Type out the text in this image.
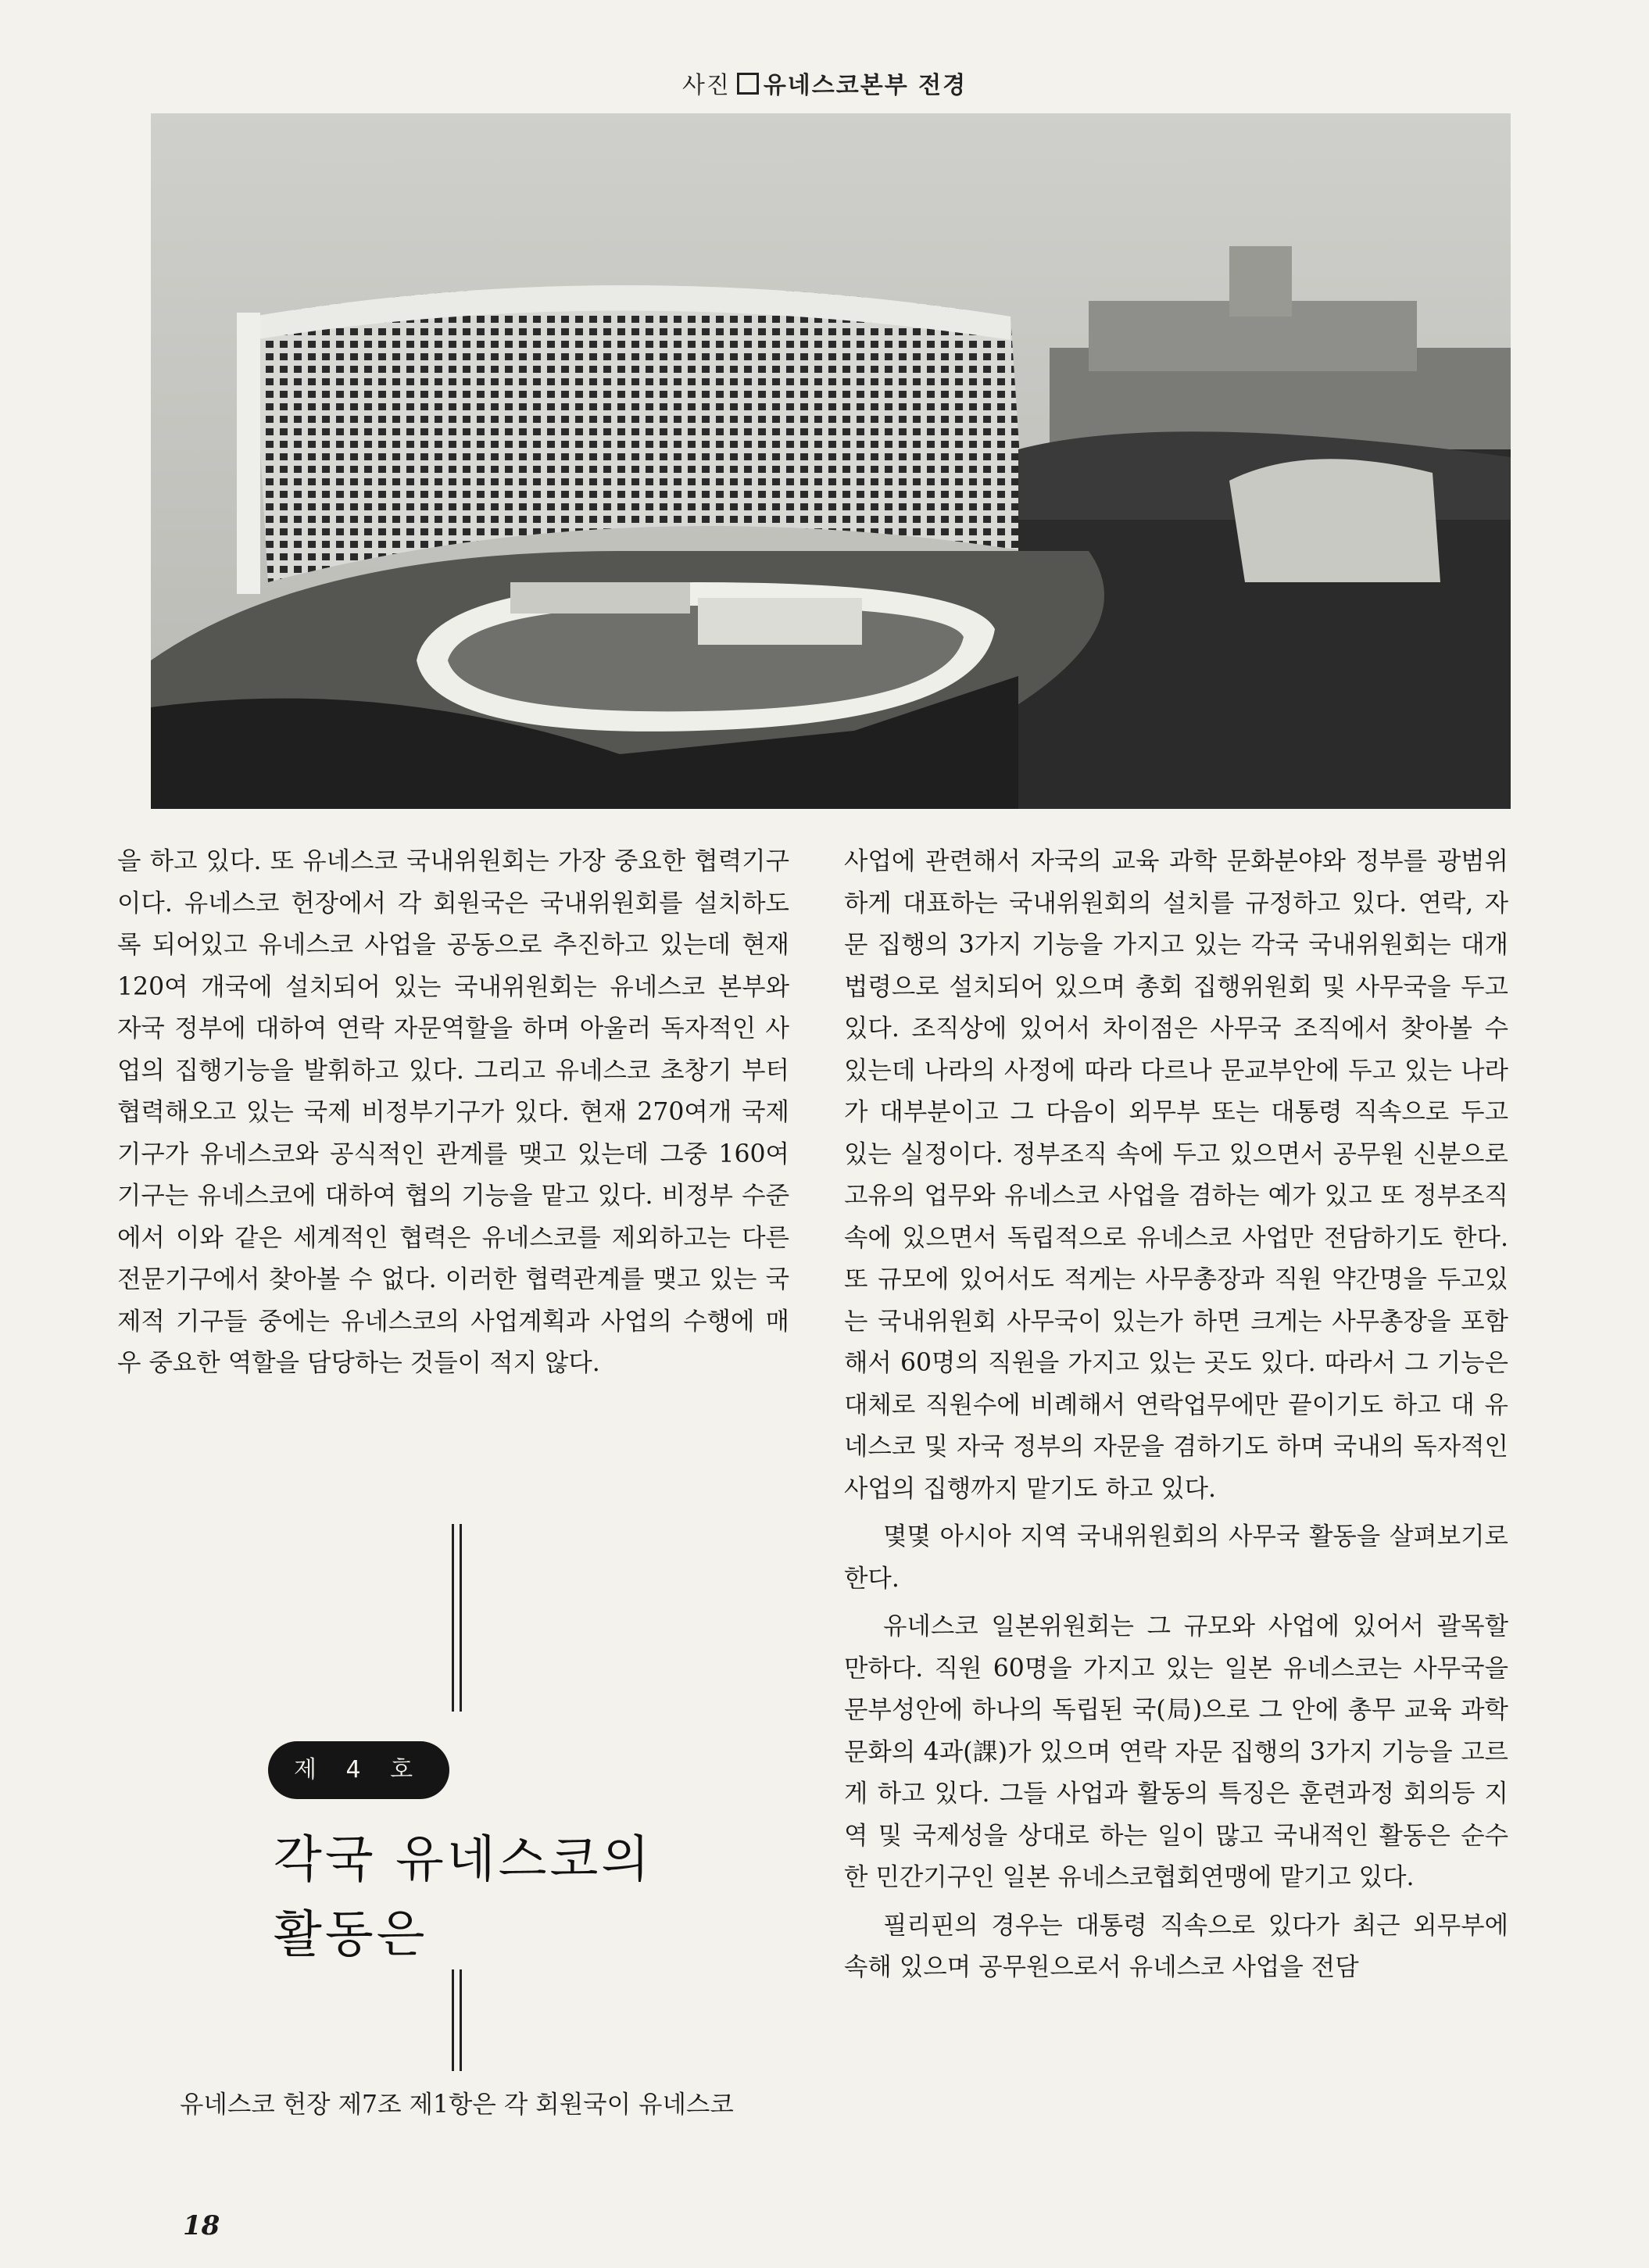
사진 유네스코본부 전경

을 하고 있다. 또 유네스코 국내위원회는 가장 중요한 협력기구이다. 유네스코 헌장에서 각 회원국은 국내위원회를 설치하도록 되어있고 유네스코 사업을 공동으로 추진하고 있는데 현재 120여 개국에 설치되어 있는 국내위원회는 유네스코 본부와 자국 정부에 대하여 연락 자문역할을 하며 아울러 독자적인 사업의 집행기능을 발휘하고 있다. 그리고 유네스코 초창기 부터 협력해오고 있는 국제 비정부기구가 있다. 현재 270여개 국제기구가 유네스코와 공식적인 관계를 맺고 있는데 그중 160여 기구는 유네스코에 대하여 협의 기능을 맡고 있다. 비정부 수준에서 이와 같은 세계적인 협력은 유네스코를 제외하고는 다른 전문기구에서 찾아볼 수 없다. 이러한 협력관계를 맺고 있는 국제적 기구들 중에는 유네스코의 사업계획과 사업의 수행에 매우 중요한 역할을 담당하는 것들이 적지 않다.

제 4 호
각국 유네스코의
활동은

유네스코 헌장 제7조 제1항은 각 회원국이 유네스코

사업에 관련해서 자국의 교육 과학 문화분야와 정부를 광범위하게 대표하는 국내위원회의 설치를 규정하고 있다. 연락, 자문 집행의 3가지 기능을 가지고 있는 각국 국내위원회는 대개 법령으로 설치되어 있으며 총회 집행위원회 및 사무국을 두고 있다. 조직상에 있어서 차이점은 사무국 조직에서 찾아볼 수 있는데 나라의 사정에 따라 다르나 문교부안에 두고 있는 나라가 대부분이고 그 다음이 외무부 또는 대통령 직속으로 두고 있는 실정이다. 정부조직 속에 두고 있으면서 공무원 신분으로 고유의 업무와 유네스코 사업을 겸하는 예가 있고 또 정부조직속에 있으면서 독립적으로 유네스코 사업만 전담하기도 한다. 또 규모에 있어서도 적게는 사무총장과 직원 약간명을 두고있는 국내위원회 사무국이 있는가 하면 크게는 사무총장을 포함해서 60명의 직원을 가지고 있는 곳도 있다. 따라서 그 기능은 대체로 직원수에 비례해서 연락업무에만 끝이기도 하고 대 유네스코 및 자국 정부의 자문을 겸하기도 하며 국내의 독자적인 사업의 집행까지 맡기도 하고 있다.

몇몇 아시아 지역 국내위원회의 사무국 활동을 살펴보기로 한다.

유네스코 일본위원회는 그 규모와 사업에 있어서 괄목할 만하다. 직원 60명을 가지고 있는 일본 유네스코는 사무국을 문부성안에 하나의 독립된 국(局)으로 그 안에 총무 교육 과학 문화의 4과(課)가 있으며 연락 자문 집행의 3가지 기능을 고르게 하고 있다. 그들 사업과 활동의 특징은 훈련과정 회의등 지역 및 국제성을 상대로 하는 일이 많고 국내적인 활동은 순수한 민간기구인 일본 유네스코협회연맹에 맡기고 있다.

필리핀의 경우는 대통령 직속으로 있다가 최근 외무부에 속해 있으며 공무원으로서 유네스코 사업을 전담

18
